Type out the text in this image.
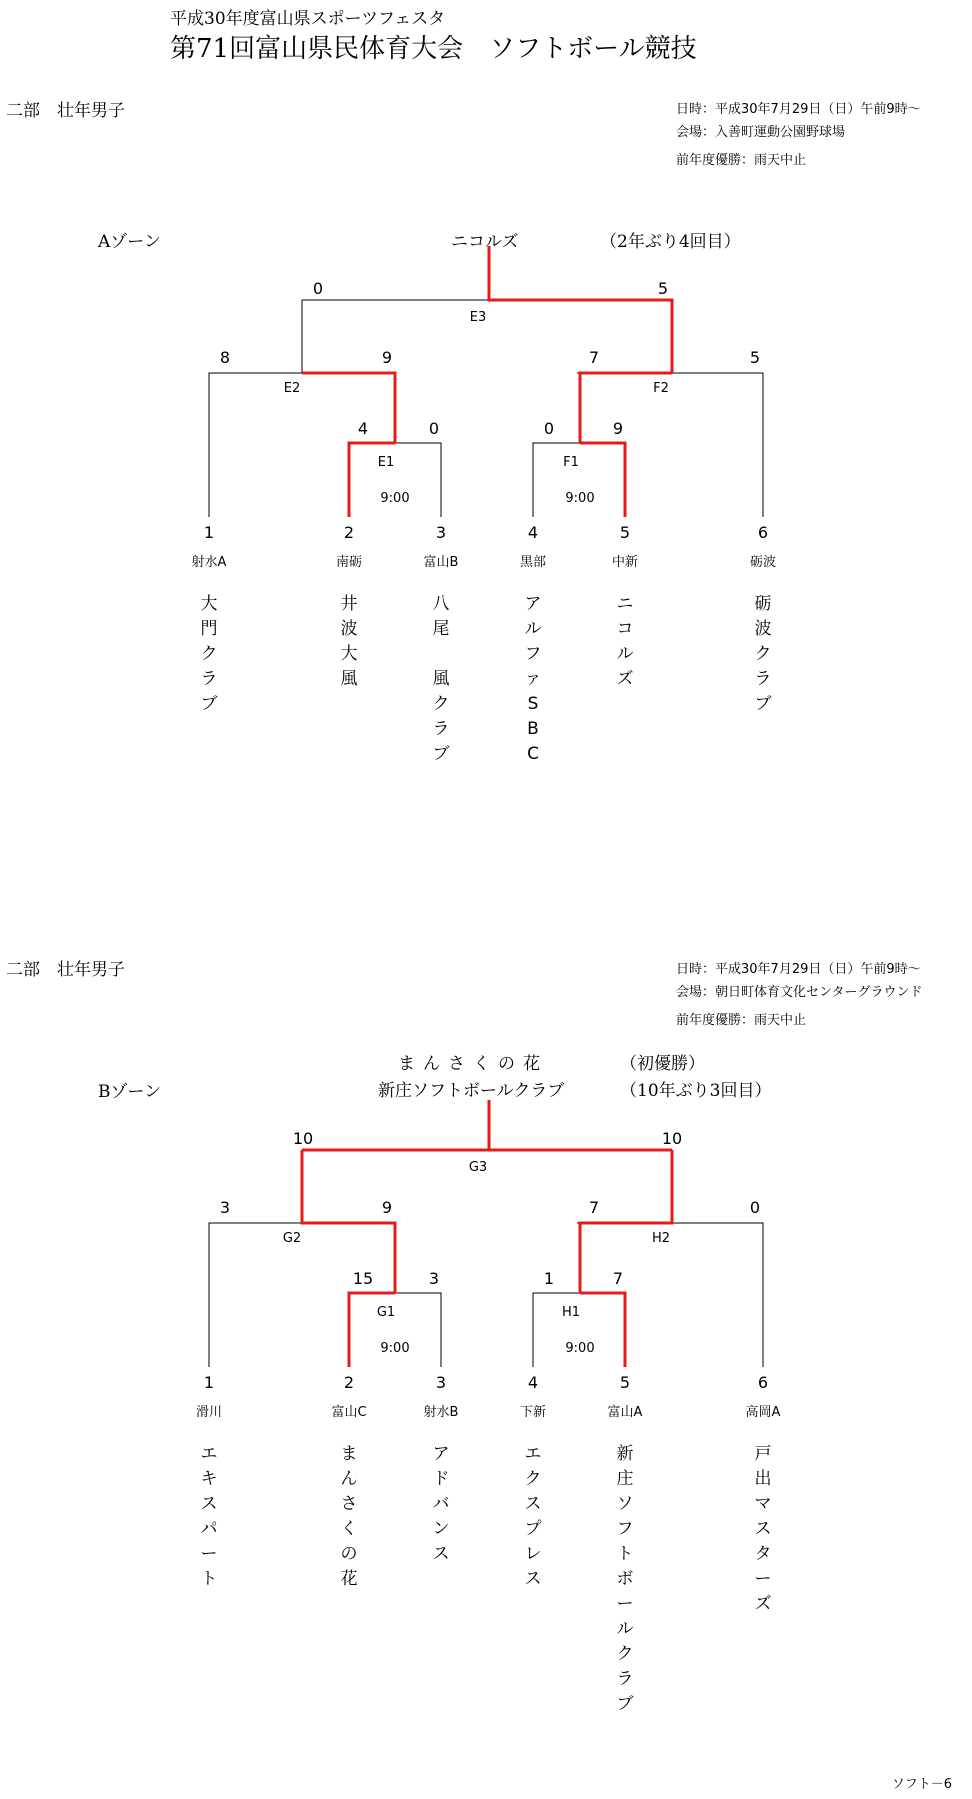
平成30年度富山県スポーツフェスタ
第71回富山県民体育大会　ソフトボール競技
二部　壮年男子	日時：平成30年7月29日（日）午前9時～
会場：入善町運動公園野球場
前年度優勝：雨天中止
Aゾーン	ニコルズ	（2年ぶり4回目）
0	5
E3
8	9
E2
7	5
F2
4	0
E1
9:00
0	9
F1
9:00
1	2	3	4	5	6
射水A	南砺	富山B	黒部	中新	砺波
大
門
ク
ラ
ブ
井
波
大
風
八
尾

風
ク
ラ
ブ
ア
ル
フ
ァ
S
B
C
ニ
コ
ル
ズ
砺
波
ク
ラ
ブ
二部　壮年男子	日時：平成30年7月29日（日）午前9時～
会場：朝日町体育文化センターグラウンド
前年度優勝：雨天中止
Bゾーン
まんさくの花
新庄ソフトボールクラブ
（初優勝）
（10年ぶり3回目）
10	10
G3
3	9
G2
7	0
H2
15	3
G1
9:00
1	7
H1
9:00
1	2	3	4	5	6
滑川	富山C	射水B	下新	富山A	高岡A
エ
キ
ス
パ
ー
ト
ま
ん
さ
く
の
花
ア
ド
バ
ン
ス
エ
ク
ス
プ
レ
ス
新
庄
ソ
フ
ト
ボ
ー
ル
ク
ラ
ブ
戸
出
マ
ス
タ
ー
ズ
ソフト－6
